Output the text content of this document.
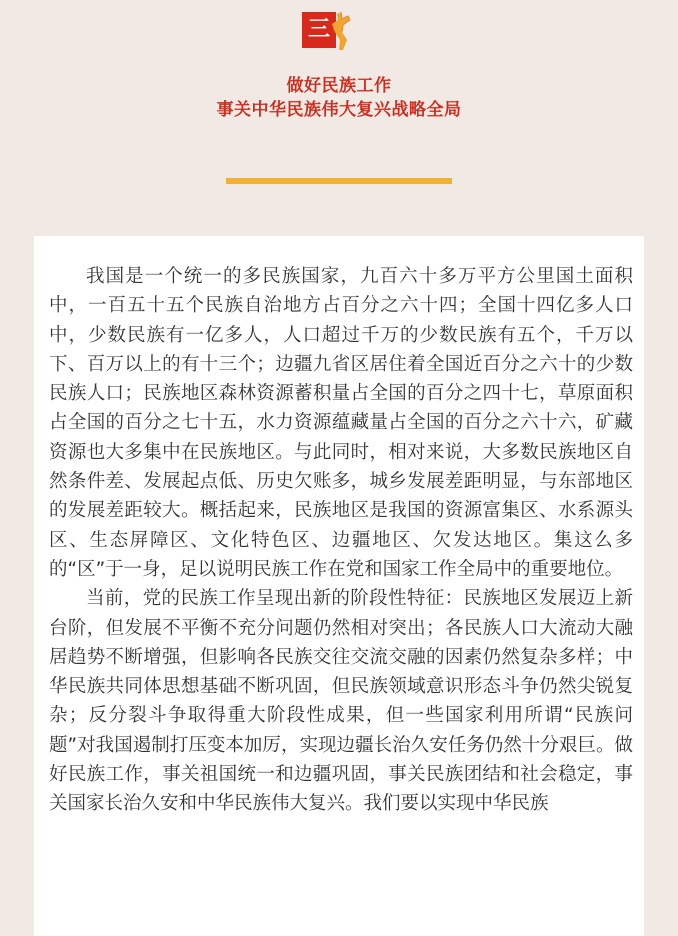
三
做好民族工作
事关中华民族伟大复兴战略全局

我国是一个统一的多民族国家，九百六十多万平方公里国土面积中，一百五十五个民族自治地方占百分之六十四；全国十四亿多人口中，少数民族有一亿多人，人口超过千万的少数民族有五个，千万以下、百万以上的有十三个；边疆九省区居住着全国近百分之六十的少数民族人口；民族地区森林资源蓄积量占全国的百分之四十七，草原面积占全国的百分之七十五，水力资源蕴藏量占全国的百分之六十六，矿藏资源也大多集中在民族地区。与此同时，相对来说，大多数民族地区自然条件差、发展起点低、历史欠账多，城乡发展差距明显，与东部地区的发展差距较大。概括起来，民族地区是我国的资源富集区、水系源头区、生态屏障区、文化特色区、边疆地区、欠发达地区。集这么多的“区”于一身，足以说明民族工作在党和国家工作全局中的重要地位。

当前，党的民族工作呈现出新的阶段性特征：民族地区发展迈上新台阶，但发展不平衡不充分问题仍然相对突出；各民族人口大流动大融居趋势不断增强，但影响各民族交往交流交融的因素仍然复杂多样；中华民族共同体思想基础不断巩固，但民族领域意识形态斗争仍然尖锐复杂；反分裂斗争取得重大阶段性成果，但一些国家利用所谓“民族问题”对我国遏制打压变本加厉，实现边疆长治久安任务仍然十分艰巨。做好民族工作，事关祖国统一和边疆巩固，事关民族团结和社会稳定，事关国家长治久安和中华民族伟大复兴。我们要以实现中华民族
